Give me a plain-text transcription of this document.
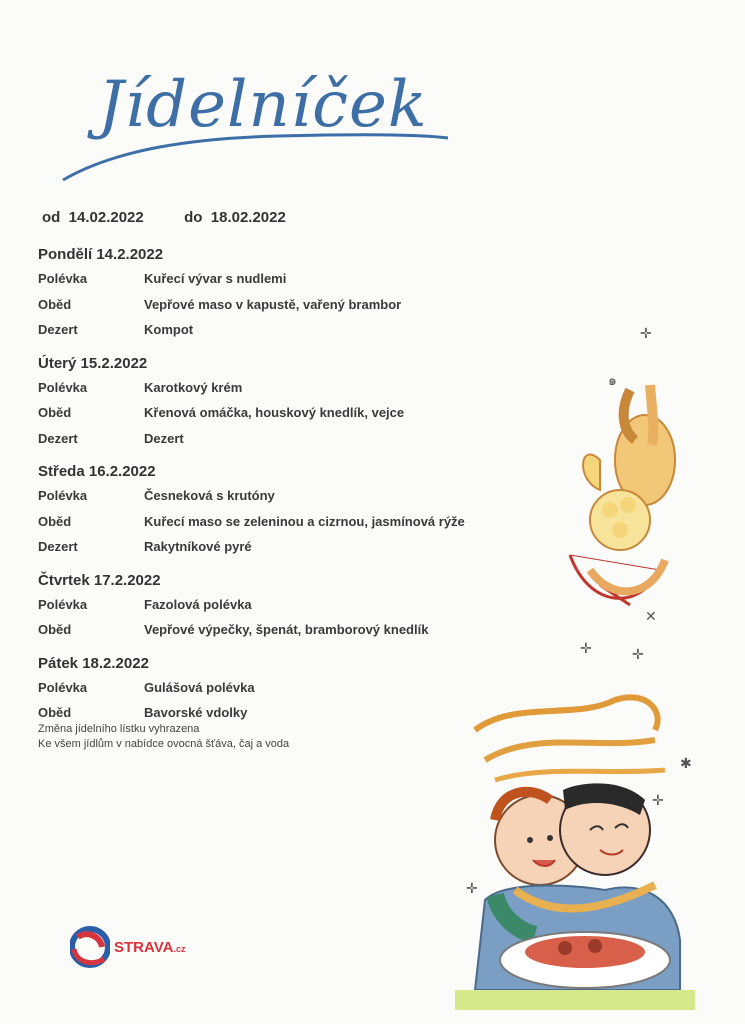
Jídelníček
od 14.02.2022	do 18.02.2022
Pondělí 14.2.2022
Polévka	Kuřecí vývar s nudlemi
Oběd	Vepřové maso v kapustě, vařený brambor
Dezert	Kompot
Úterý 15.2.2022
Polévka	Karotkový krém
Oběd	Křenová omáčka, houskový knedlík, vejce
Dezert	Dezert
Středa 16.2.2022
Polévka	Česneková s krutóny
Oběd	Kuřecí maso se zeleninou a cizrnou, jasmínová rýže
Dezert	Rakytníkové pyré
Čtvrtek 17.2.2022
Polévka	Fazolová polévka
Oběd	Vepřové výpečky, špenát, bramborový knedlík
Pátek 18.2.2022
Polévka	Gulášová polévka
Oběd	Bavorské vdolky
Změna jídelního lístku vyhrazena
Ke všem jídlům v nabídce ovocná šťáva, čaj a voda
✛
๑
✕
✛	✛
✱
✛
✛
STRAVA.cz
